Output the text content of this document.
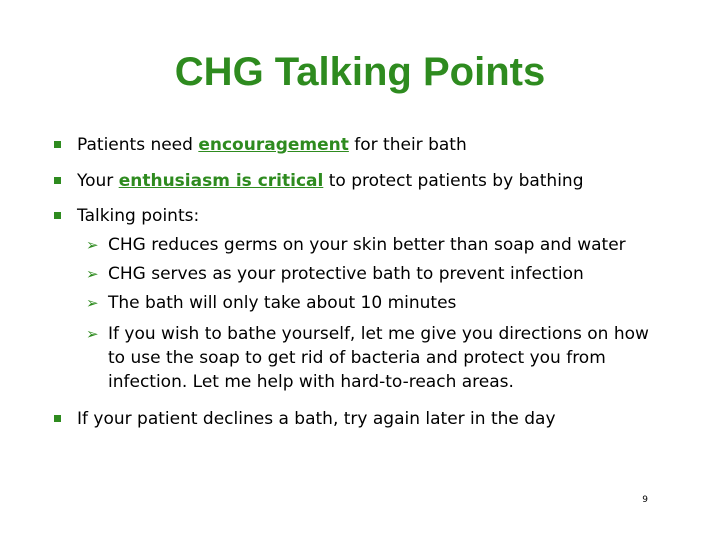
CHG Talking Points
Patients need encouragement for their bath
Your enthusiasm is critical to protect patients by bathing
Talking points:
➢ CHG reduces germs on your skin better than soap and water
➢ CHG serves as your protective bath to prevent infection
➢ The bath will only take about 10 minutes
➢ If you wish to bathe yourself, let me give you directions on how to use the soap to get rid of bacteria and protect you from infection. Let me help with hard-to-reach areas.
If your patient declines a bath, try again later in the day
9
